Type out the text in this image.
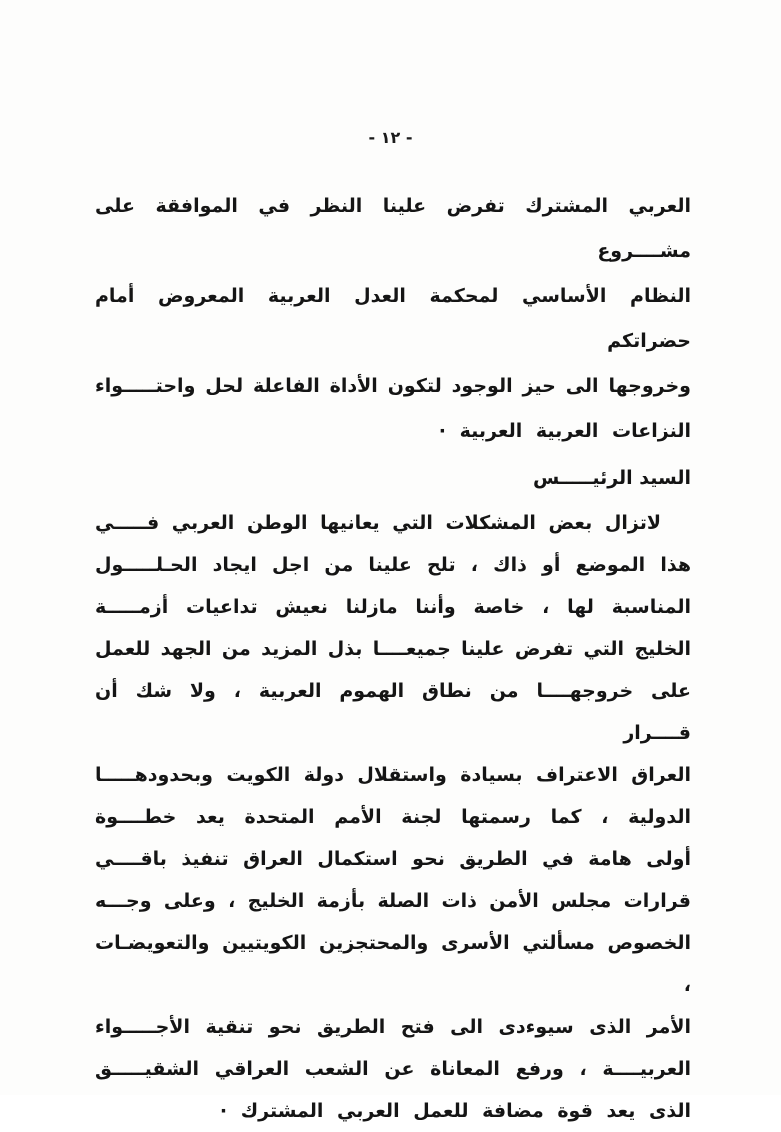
- ١٢ -
العربي المشترك تفرض علينا النظر في الموافقة على مشــــروع
النظام الأساسي لمحكمة العدل العربية المعروض أمام حضراتكم
وخروجها الى حيز الوجود لتكون الأداة الفاعلة لحل واحتـــــواء
النزاعات العربية العربية ·
السيد الرئيـــــس
لاتزال بعض المشكلات التي يعانيها الوطن العربي فـــــي
هذا الموضع أو ذاك ، تلح علينا من اجل ايجاد الحـلـــــول
المناسبة لها ، خاصة وأننا مازلنا نعيش تداعيات أزمـــــة
الخليج التي تفرض علينا جميعــــا بذل المزيد من الجهد للعمل
على خروجهــــا من نطاق الهموم العربية ، ولا شك أن قــــرار
العراق الاعتراف بسيادة واستقلال دولة الكويت وبحدودهـــــا
الدولية ، كما رسمتها لجنة الأمم المتحدة يعد خطــــوة
أولى هامة في الطريق نحو استكمال العراق تنفيذ باقــــي
قرارات مجلس الأمن ذات الصلة بأزمة الخليج ، وعلى وجـــه
الخصوص مسألتي الأسرى والمحتجزين الكويتيين والتعويضـات ،
الأمر الذى سيوءدى الى فتح الطريق نحو تنقية الأجـــــواء
العربيــــة ، ورفع المعاناة عن الشعب العراقي الشقيـــــق
الذى يعد قوة مضافة للعمل العربي المشترك ·
